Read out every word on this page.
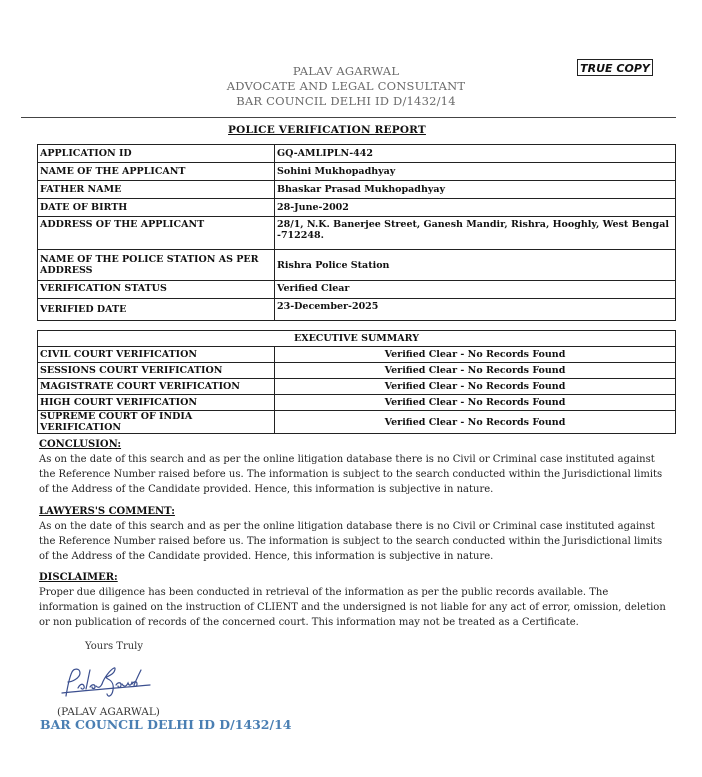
TRUE COPY
PALAV AGARWAL
ADVOCATE AND LEGAL CONSULTANT
BAR COUNCIL DELHI ID D/1432/14
POLICE VERIFICATION REPORT
APPLICATION ID	GQ-AMLIPLN-442
NAME OF THE APPLICANT	Sohini Mukhopadhyay
FATHER NAME	Bhaskar Prasad Mukhopadhyay
DATE OF BIRTH	28-June-2002
ADDRESS OF THE APPLICANT	28/1, N.K. Banerjee Street, Ganesh Mandir, Rishra, Hooghly, West Bengal -712248.
NAME OF THE POLICE STATION AS PER ADDRESS	Rishra Police Station
VERIFICATION STATUS	Verified Clear
VERIFIED DATE	23-December-2025
EXECUTIVE SUMMARY	
CIVIL COURT VERIFICATION	Verified Clear - No Records Found
SESSIONS COURT VERIFICATION	Verified Clear - No Records Found
MAGISTRATE COURT VERIFICATION	Verified Clear - No Records Found
HIGH COURT VERIFICATION	Verified Clear - No Records Found
SUPREME COURT OF INDIA VERIFICATION	Verified Clear - No Records Found
CONCLUSION:
As on the date of this search and as per the online litigation database there is no Civil or Criminal case instituted against the Reference Number raised before us. The information is subject to the search conducted within the Jurisdictional limits of the Address of the Candidate provided. Hence, this information is subjective in nature.
LAWYERS'S COMMENT:
As on the date of this search and as per the online litigation database there is no Civil or Criminal case instituted against the Reference Number raised before us. The information is subject to the search conducted within the Jurisdictional limits of the Address of the Candidate provided. Hence, this information is subjective in nature.
DISCLAIMER:
Proper due diligence has been conducted in retrieval of the information as per the public records available. The information is gained on the instruction of CLIENT and the undersigned is not liable for any act of error, omission, deletion or non publication of records of the concerned court. This information may not be treated as a Certificate.
Yours Truly
(PALAV AGARWAL)
BAR COUNCIL DELHI ID D/1432/14
